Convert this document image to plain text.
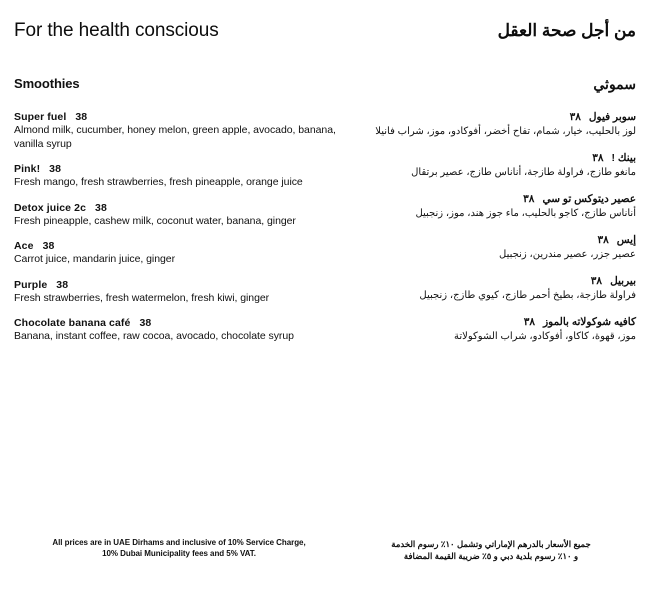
For the health conscious	من أجل صحة العقل
Smoothies	سموثي
Super fuel 38
Almond milk, cucumber, honey melon, green apple, avocado, banana, vanilla syrup
Pink! 38
Fresh mango, fresh strawberries, fresh pineapple, orange juice
Detox juice 2c 38
Fresh pineapple, cashew milk, coconut water, banana, ginger
Ace 38
Carrot juice, mandarin juice, ginger
Purple 38
Fresh strawberries, fresh watermelon, fresh kiwi, ginger
Chocolate banana café 38
Banana, instant coffee, raw cocoa, avocado, chocolate syrup
سوبر فيول٣٨
لوز بالحليب، خيار، شمام، تفاح أخضر، أفوكادو، موز، شراب فانيلا
بينك !٣٨
مانغو طازج، فراولة طازجة، أناناس طازج، عصير برتقال
عصير ديتوكس تو سي٣٨
أناناس طازج، كاجو بالحليب، ماء جوز هند، موز، زنجبيل
إيس٣٨
عصير جزر، عصير مندرين، زنجبيل
بيربيل٣٨
فراولة طازجة، بطيخ أحمر طازج، كيوي طازج، زنجبيل
كافيه شوكولاته بالموز٣٨
موز، قهوة، كاكاو، أفوكادو، شراب الشوكولاتة
All prices are in UAE Dirhams and inclusive of 10% Service Charge,
10% Dubai Municipality fees and 5% VAT.
جميع الأسعار بالدرهم الإماراتي وتشمل ١٠٪ رسوم الخدمة
و ١٠٪ رسوم بلدية دبي و ٥٪ ضريبة القيمة المضافة
